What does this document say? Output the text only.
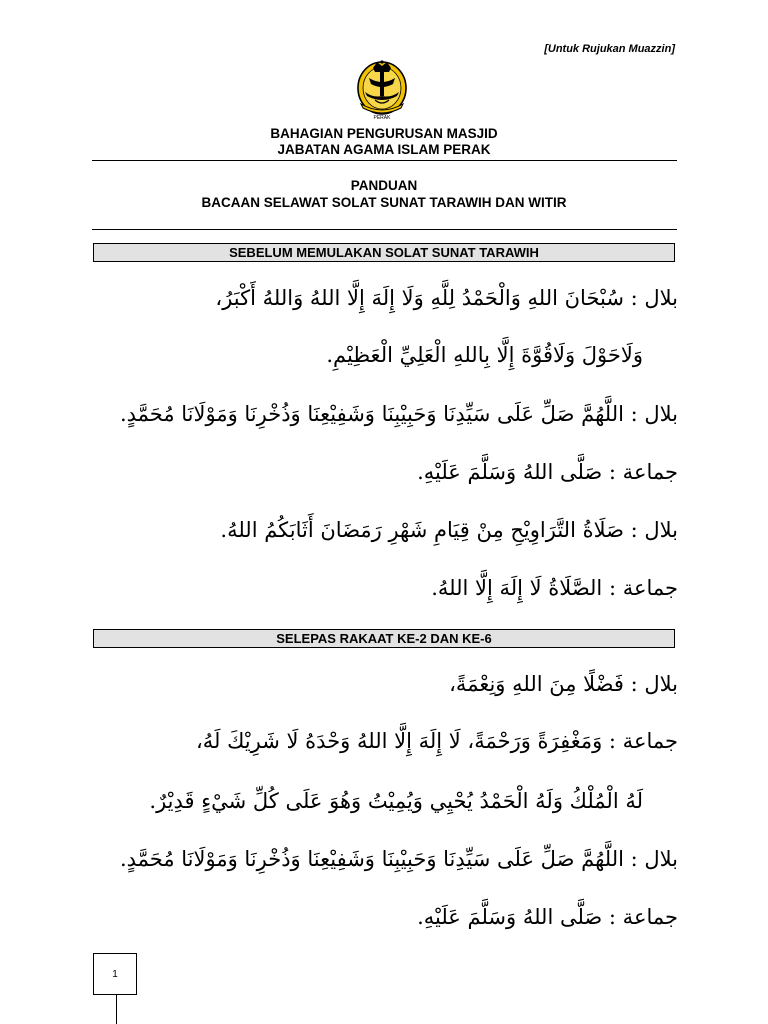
[Untuk Rujukan Muazzin]
PERAK
BAHAGIAN PENGURUSAN MASJID
JABATAN AGAMA ISLAM PERAK
PANDUAN
BACAAN SELAWAT SOLAT SUNAT TARAWIH DAN WITIR
SEBELUM MEMULAKAN SOLAT SUNAT TARAWIH
بلال : سُبْحَانَ اللهِ وَالْحَمْدُ لِلَّهِ وَلَا إِلَهَ إِلَّا اللهُ وَاللهُ أَكْبَرُ،
وَلَاحَوْلَ وَلَاقُوَّةَ إِلَّا بِاللهِ الْعَلِيِّ الْعَظِيْمِ.
بلال : اللَّهُمَّ صَلِّ عَلَى سَيِّدِنَا وَحَبِيْبِنَا وَشَفِيْعِنَا وَذُخْرِنَا وَمَوْلَانَا مُحَمَّدٍ.
جماعة : صَلَّى اللهُ وَسَلَّمَ عَلَيْهِ.
بلال : صَلَاةُ التَّرَاوِيْحِ مِنْ قِيَامِ شَهْرِ رَمَضَانَ أَثَابَكُمُ اللهُ.
جماعة : الصَّلَاةُ لَا إِلَهَ إِلَّا اللهُ.
SELEPAS RAKAAT KE-2 DAN KE-6
بلال : فَضْلًا مِنَ اللهِ وَنِعْمَةً،
جماعة : وَمَغْفِرَةً وَرَحْمَةً، لَا إِلَهَ إِلَّا اللهُ وَحْدَهُ لَا شَرِيْكَ لَهُ،
لَهُ الْمُلْكُ وَلَهُ الْحَمْدُ يُحْيِي وَيُمِيْتُ وَهُوَ عَلَى كُلِّ شَيْءٍ قَدِيْرٌ.
بلال : اللَّهُمَّ صَلِّ عَلَى سَيِّدِنَا وَحَبِيْبِنَا وَشَفِيْعِنَا وَذُخْرِنَا وَمَوْلَانَا مُحَمَّدٍ.
جماعة : صَلَّى اللهُ وَسَلَّمَ عَلَيْهِ.
1
